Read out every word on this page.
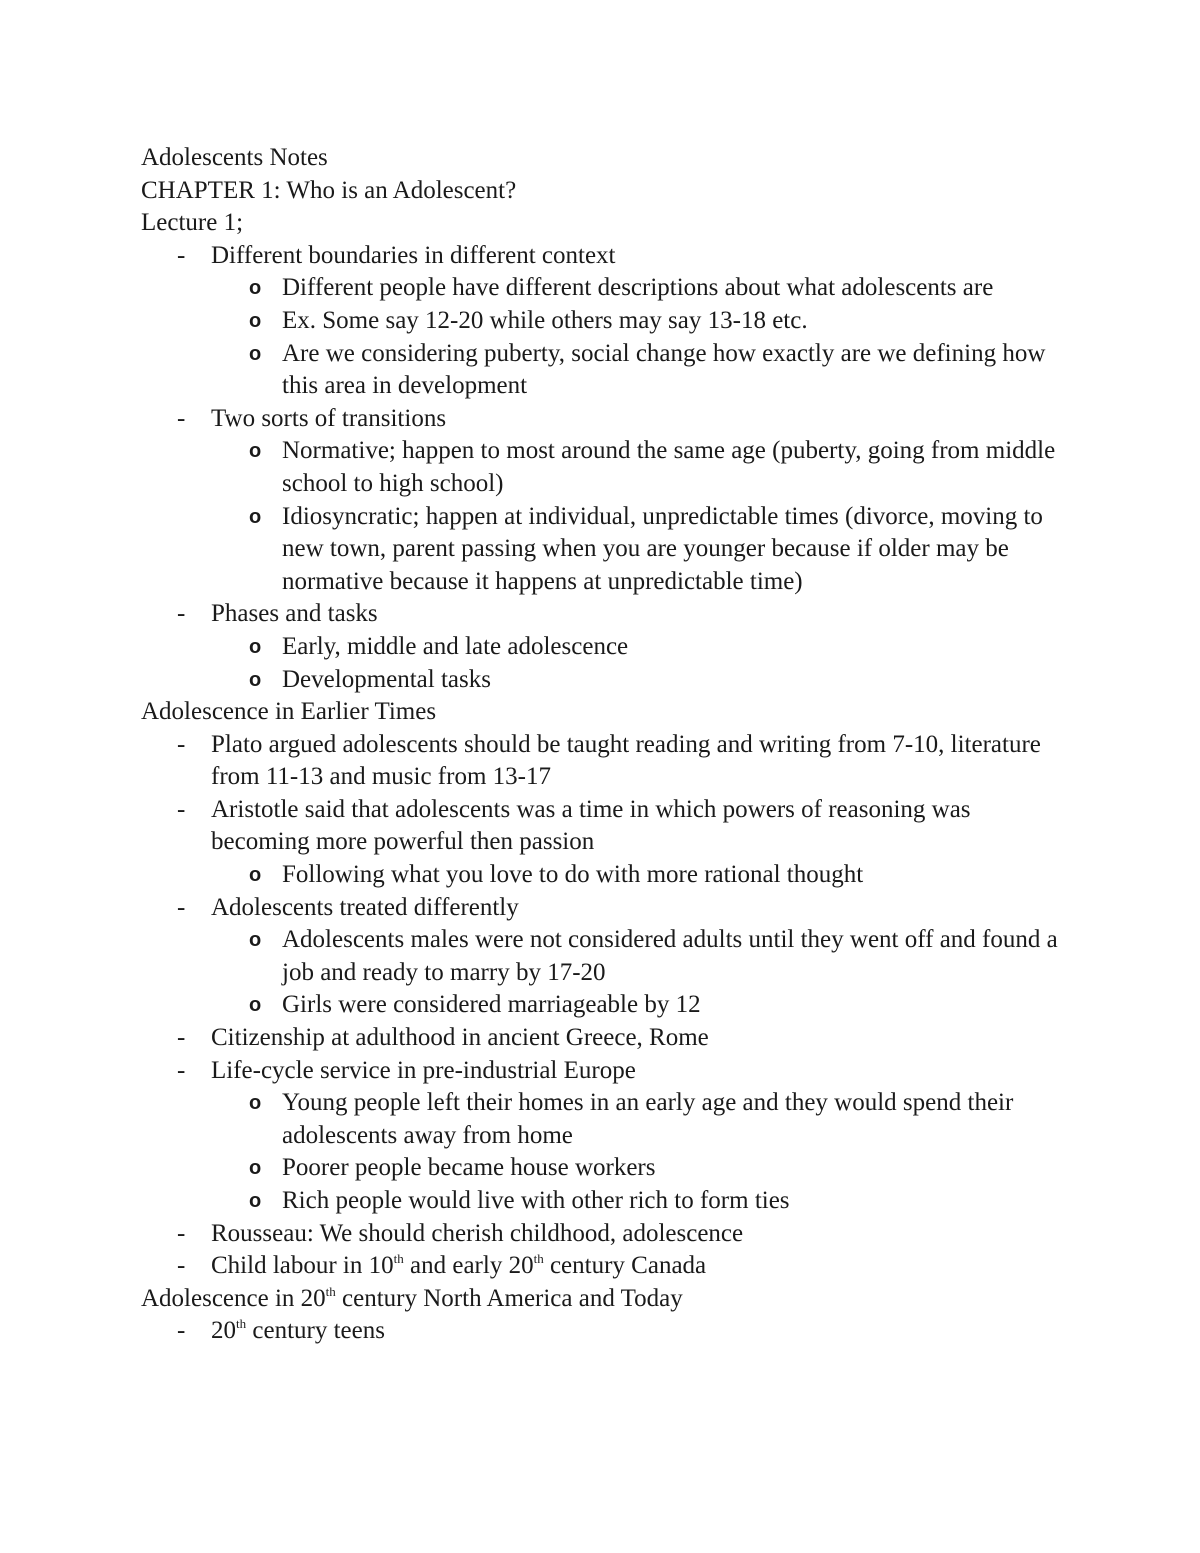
Adolescents Notes

CHAPTER 1: Who is an Adolescent?

Lecture 1;

- Different boundaries in different context
o Different people have different descriptions about what adolescents are
o Ex. Some say 12-20 while others may say 13-18 etc.
o Are we considering puberty, social change how exactly are we defining how this area in development
- Two sorts of transitions
o Normative; happen to most around the same age (puberty, going from middle school to high school)
o Idiosyncratic; happen at individual, unpredictable times (divorce, moving to new town, parent passing when you are younger because if older may be normative because it happens at unpredictable time)
- Phases and tasks
o Early, middle and late adolescence
o Developmental tasks

Adolescence in Earlier Times

- Plato argued adolescents should be taught reading and writing from 7-10, literature from 11-13 and music from 13-17
- Aristotle said that adolescents was a time in which powers of reasoning was becoming more powerful then passion
o Following what you love to do with more rational thought
- Adolescents treated differently
o Adolescents males were not considered adults until they went off and found a job and ready to marry by 17-20
o Girls were considered marriageable by 12
- Citizenship at adulthood in ancient Greece, Rome
- Life-cycle service in pre-industrial Europe
o Young people left their homes in an early age and they would spend their adolescents away from home
o Poorer people became house workers
o Rich people would live with other rich to form ties
- Rousseau: We should cherish childhood, adolescence
- Child labour in 10th and early 20th century Canada

Adolescence in 20th century North America and Today

- 20th century teens
